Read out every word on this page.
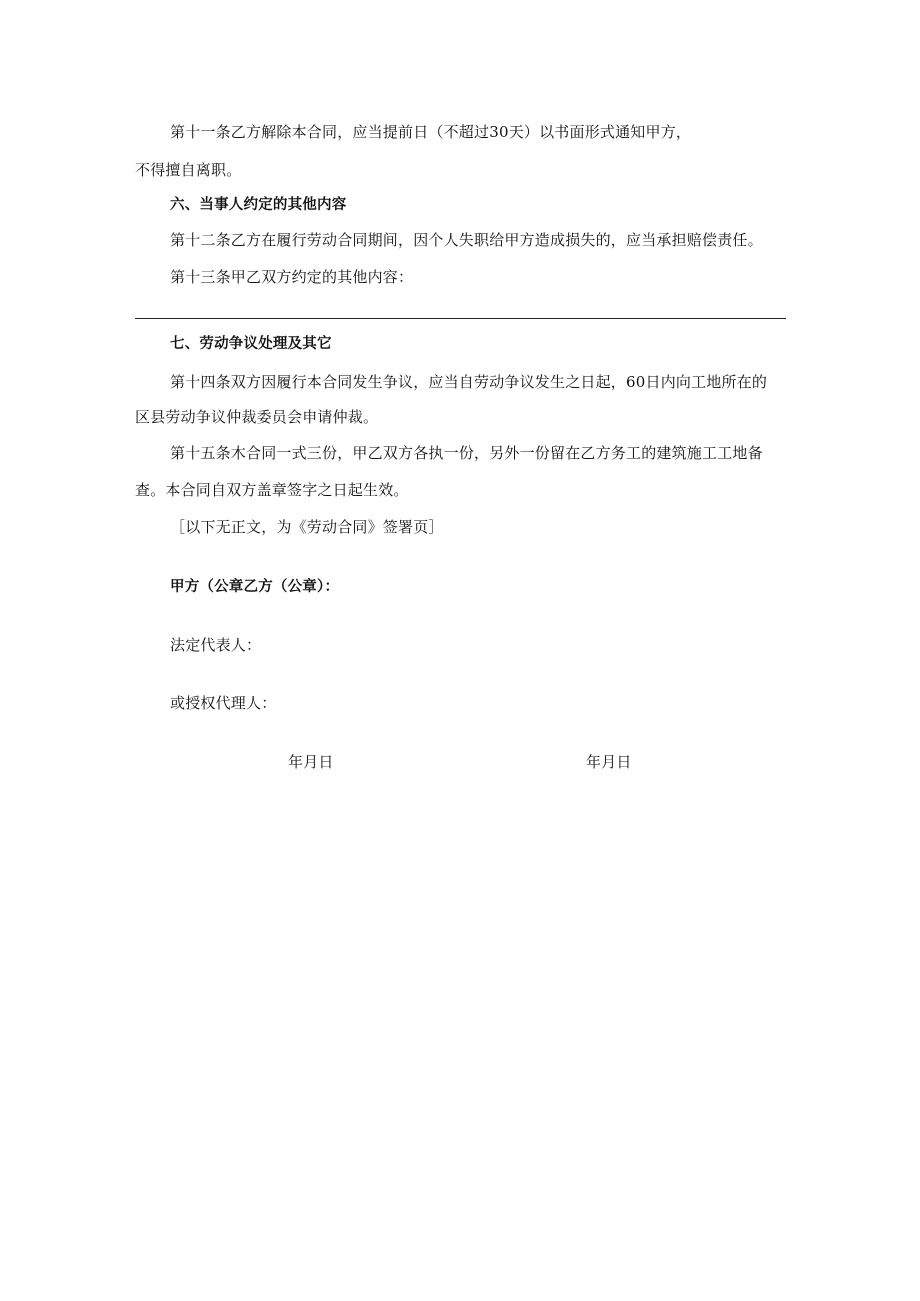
第十一条乙方解除本合同，应当提前日（不超过30天）以书面形式通知甲方，
不得擅自离职。
六、当事人约定的其他内容
第十二条乙方在履行劳动合同期间，因个人失职给甲方造成损失的，应当承担赔偿责任。
第十三条甲乙双方约定的其他内容：
七、劳动争议处理及其它
第十四条双方因履行本合同发生争议，应当自劳动争议发生之日起，60日内向工地所在的
区县劳动争议仲裁委员会申请仲裁。
第十五条木合同一式三份，甲乙双方各执一份，另外一份留在乙方务工的建筑施工工地备
查。本合同自双方盖章签字之日起生效。
［以下无正文，为《劳动合同》签署页］
甲方（公章乙方（公章）：
法定代表人：
或授权代理人：
年月日	年月日
